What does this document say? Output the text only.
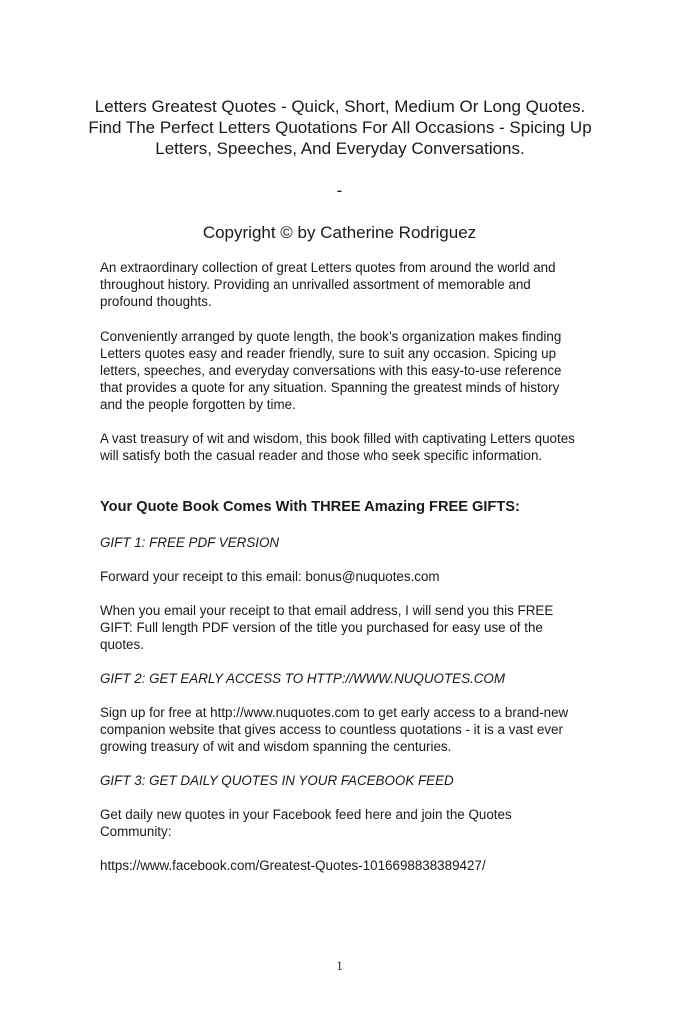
Letters Greatest Quotes - Quick, Short, Medium Or Long Quotes. Find The Perfect Letters Quotations For All Occasions - Spicing Up Letters, Speeches, And Everyday Conversations.

-

Copyright © by Catherine Rodriguez

An extraordinary collection of great Letters quotes from around the world and throughout history. Providing an unrivalled assortment of memorable and profound thoughts.

Conveniently arranged by quote length, the book’s organization makes finding Letters quotes easy and reader friendly, sure to suit any occasion. Spicing up letters, speeches, and everyday conversations with this easy-to-use reference that provides a quote for any situation. Spanning the greatest minds of history and the people forgotten by time.

A vast treasury of wit and wisdom, this book filled with captivating Letters quotes will satisfy both the casual reader and those who seek specific information.

Your Quote Book Comes With THREE Amazing FREE GIFTS:

GIFT 1: FREE PDF VERSION

Forward your receipt to this email: bonus@nuquotes.com

When you email your receipt to that email address, I will send you this FREE GIFT: Full length PDF version of the title you purchased for easy use of the quotes.

GIFT 2: GET EARLY ACCESS TO HTTP://WWW.NUQUOTES.COM

Sign up for free at http://www.nuquotes.com to get early access to a brand-new companion website that gives access to countless quotations - it is a vast ever growing treasury of wit and wisdom spanning the centuries.

GIFT 3: GET DAILY QUOTES IN YOUR FACEBOOK FEED

Get daily new quotes in your Facebook feed here and join the Quotes Community:

https://www.facebook.com/Greatest-Quotes-1016698838389427/

1
